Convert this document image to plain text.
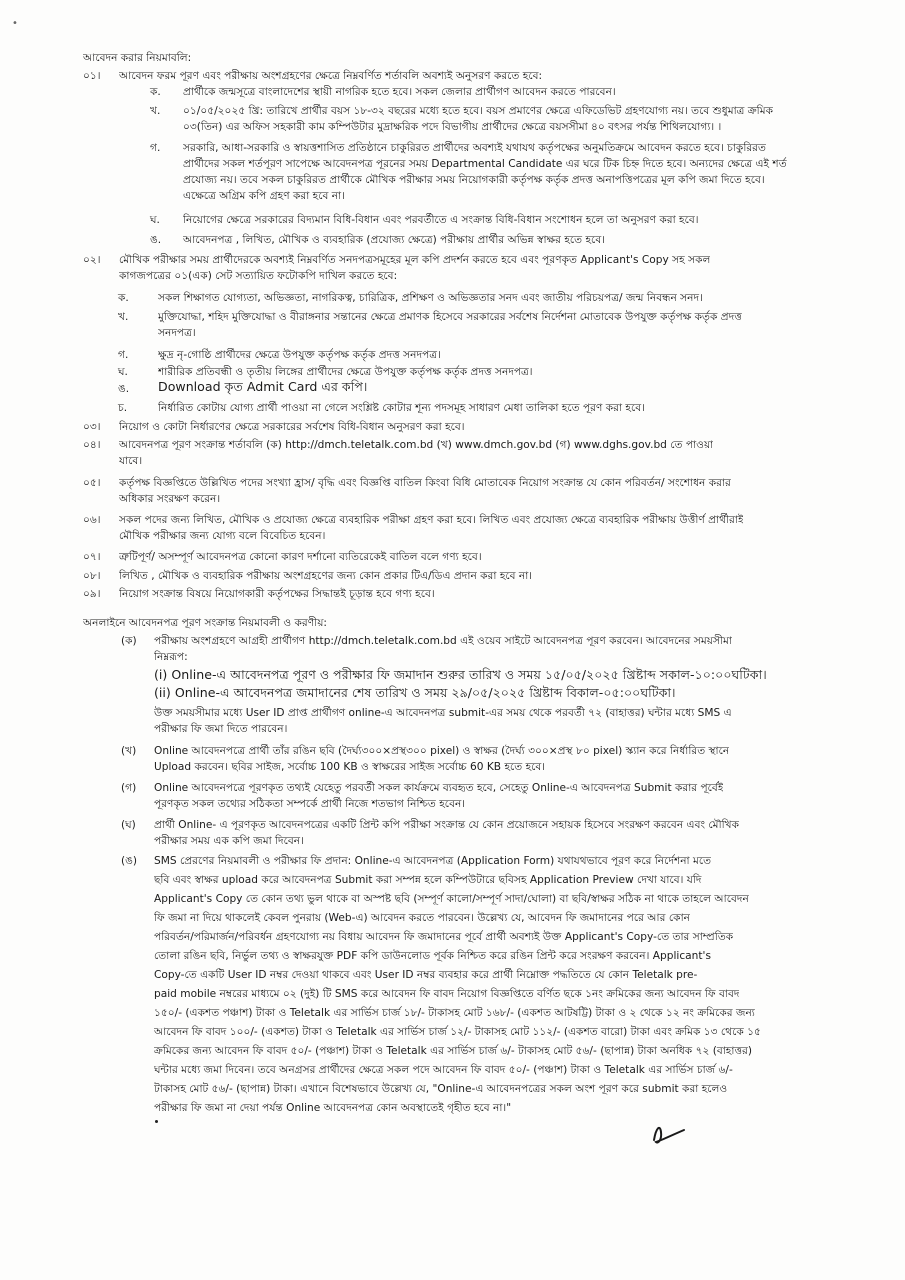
•
আবেদন করার নিয়মাবলি:
০১।	আবেদন ফরম পূরণ এবং পরীক্ষায় অংশগ্রহণের ক্ষেত্রে নিম্নবর্ণিত শর্তাবলি অবশ্যই অনুসরণ করতে হবে:
ক.	প্রার্থীকে জন্মসূত্রে বাংলাদেশের স্থায়ী নাগরিক হতে হবে। সকল জেলার প্রার্থীগণ আবেদন করতে পারবেন।
খ.	০১/০৫/২০২৫ খ্রি: তারিখে প্রার্থীর বয়স ১৮-৩২ বছরের মধ্যে হতে হবে। বয়স প্রমাণের ক্ষেত্রে এফিডেভিট গ্রহণযোগ্য নয়। তবে শুধুমাত্র ক্রমিক
০৩(তিন) এর অফিস সহকারী কাম কম্পিউটার মুদ্রাক্ষরিক পদে বিভাগীয় প্রার্থীদের ক্ষেত্রে বয়সসীমা ৪০ বৎসর পর্যন্ত শিথিলযোগ্য। ।
গ.	সরকারি, আধা-সরকারি ও স্বায়ত্তশাসিত প্রতিষ্ঠানে চাকুরিরত প্রার্থীদের অবশ্যই যথাযথ কর্তৃপক্ষের অনুমতিক্রমে আবেদন করতে হবে। চাকুরিরত
প্রার্থীদের সকল শর্তপূরণ সাপেক্ষে আবেদনপত্র পূরনের সময় Departmental Candidate এর ঘরে টিক চিহ্ন দিতে হবে। অন্যদের ক্ষেত্রে এই শর্ত
প্রযোজ্য নয়। তবে সকল চাকুরিরত প্রার্থীকে মৌখিক পরীক্ষার সময় নিয়োগকারী কর্তৃপক্ষ কর্তৃক প্রদত্ত অনাপত্তিপত্রের মূল কপি জমা দিতে হবে।
এক্ষেত্রে অগ্রিম কপি গ্রহণ করা হবে না।
ঘ.	নিয়োগের ক্ষেত্রে সরকারের বিদ্যমান বিধি-বিধান এবং পরবর্তীতে এ সংক্রান্ত বিধি-বিধান সংশোধন হলে তা অনুসরণ করা হবে।
ঙ.	আবেদনপত্র , লিখিত, মৌখিক ও ব্যবহারিক (প্রযোজ্য ক্ষেত্রে) পরীক্ষায় প্রার্থীর অভিন্ন স্বাক্ষর হতে হবে।
০২।	মৌখিক পরীক্ষার সময় প্রার্থীদেরকে অবশ্যই নিম্নবর্ণিত সনদপত্রসমূহের মূল কপি প্রদর্শন করতে হবে এবং পূরণকৃত Applicant's Copy সহ সকল
কাগজপত্রের ০১(এক) সেট সত্যায়িত ফটোকপি দাখিল করতে হবে:
ক.	সকল শিক্ষাগত যোগ্যতা, অভিজ্ঞতা, নাগরিকত্ব, চারিত্রিক, প্রশিক্ষণ ও অভিজ্ঞতার সনদ এবং জাতীয় পরিচয়পত্র/ জন্ম নিবন্ধন সনদ।
খ.	মুক্তিযোদ্ধা, শহিদ মুক্তিযোদ্ধা ও বীরাঙ্গনার সন্তানের ক্ষেত্রে প্রমাণক হিসেবে সরকারের সর্বশেষ নির্দেশনা মোতাবেক উপযুক্ত কর্তৃপক্ষ কর্তৃক প্রদত্ত
সনদপত্র।
গ.	ক্ষুদ্র নৃ-গোষ্ঠি প্রার্থীদের ক্ষেত্রে উপযুক্ত কর্তৃপক্ষ কর্তৃক প্রদত্ত সনদপত্র।
ঘ.	শারীরিক প্রতিবন্ধী ও তৃতীয় লিঙ্গের প্রার্থীদের ক্ষেত্রে উপযুক্ত কর্তৃপক্ষ কর্তৃক প্রদত্ত সনদপত্র।
ঙ.	Download কৃত Admit Card এর কপি।
চ.	নির্ধারিত কোটায় যোগ্য প্রার্থী পাওয়া না গেলে সংশ্লিষ্ট কোটার শূন্য পদসমূহ সাধারণ মেধা তালিকা হতে পূরণ করা হবে।
০৩।	নিয়োগ ও কোটা নির্ধারণের ক্ষেত্রে সরকারের সর্বশেষ বিধি-বিধান অনুসরণ করা হবে।
০৪।	আবেদনপত্র পূরণ সংক্রান্ত শর্তাবলি (ক) http://dmch.teletalk.com.bd (খ) www.dmch.gov.bd (গ) www.dghs.gov.bd তে পাওয়া
যাবে।
০৫।	কর্তৃপক্ষ বিজ্ঞপ্তিতে উল্লিখিত পদের সংখ্যা হ্রাস/ বৃদ্ধি এবং বিজ্ঞপ্তি বাতিল কিংবা বিধি মোতাবেক নিয়োগ সংক্রান্ত যে কোন পরিবর্তন/ সংশোধন করার
অধিকার সংরক্ষণ করেন।
০৬।	সকল পদের জন্য লিখিত, মৌখিক ও প্রযোজ্য ক্ষেত্রে ব্যবহারিক পরীক্ষা গ্রহণ করা হবে। লিখিত এবং প্রযোজ্য ক্ষেত্রে ব্যবহারিক পরীক্ষায় উত্তীর্ণ প্রার্থীরাই
মৌখিক পরীক্ষার জন্য যোগ্য বলে বিবেচিত হবেন।
০৭।	ত্রুটিপূর্ণ/ অসম্পূর্ণ আবেদনপত্র কোনো কারণ দর্শানো ব্যতিরেকেই বাতিল বলে গণ্য হবে।
০৮।	লিখিত , মৌখিক ও ব্যবহারিক পরীক্ষায় অংশগ্রহণের জন্য কোন প্রকার টিএ/ডিএ প্রদান করা হবে না।
০৯।	নিয়োগ সংক্রান্ত বিষয়ে নিয়োগকারী কর্তৃপক্ষের সিদ্ধান্তই চূড়ান্ত হবে গণ্য হবে।
অনলাইনে আবেদনপত্র পূরণ সংক্রান্ত নিয়মাবলী ও করণীয়:
(ক)	পরীক্ষায় অংশগ্রহণে আগ্রহী প্রার্থীগণ http://dmch.teletalk.com.bd এই ওয়েব সাইটে আবেদনপত্র পূরণ করবেন। আবেদনের সময়সীমা
নিম্নরূপ:
(i) Online-এ আবেদনপত্র পূরণ ও পরীক্ষার ফি জমাদান শুরুর তারিখ ও সময় ১৫/০৫/২০২৫ খ্রিষ্টাব্দ সকাল-১০:০০ঘটিকা।
(ii) Online-এ আবেদনপত্র জমাদানের শেষ তারিখ ও সময় ২৯/০৫/২০২৫ খ্রিষ্টাব্দ বিকাল-০৫:০০ঘটিকা।
উক্ত সময়সীমার মধ্যে User ID প্রাপ্ত প্রার্থীগণ online-এ আবেদনপত্র submit-এর সময় থেকে পরবর্তী ৭২ (বাহাত্তর) ঘন্টার মধ্যে SMS এ
পরীক্ষার ফি জমা দিতে পারবেন।
(খ)	Online আবেদনপত্রে প্রার্থী তাঁর রঙিন ছবি (দৈর্ঘ্য৩০০×প্রস্থ৩০০ pixel) ও স্বাক্ষর (দৈর্ঘ্য ৩০০×প্রস্থ ৮০ pixel) স্ক্যান করে নির্ধারিত স্থানে
Upload করবেন। ছবির সাইজ, সর্বোচ্চ 100 KB ও স্বাক্ষরের সাইজ সর্বোচ্চ 60 KB হতে হবে।
(গ)	Online আবেদনপত্রে পূরণকৃত তথ্যই যেহেতু পরবর্তী সকল কার্যক্রমে ব্যবহৃত হবে, সেহেতু Online-এ আবেদনপত্র Submit করার পূর্বেই
পূরণকৃত সকল তথ্যের সঠিকতা সম্পর্কে প্রার্থী নিজে শতভাগ নিশ্চিত হবেন।
(ঘ)	প্রার্থী Online- এ পূরণকৃত আবেদনপত্রের একটি প্রিন্ট কপি পরীক্ষা সংক্রান্ত যে কোন প্রয়োজনে সহায়ক হিসেবে সংরক্ষণ করবেন এবং মৌখিক
পরীক্ষার সময় এক কপি জমা দিবেন।
(ঙ)	SMS প্রেরণের নিয়মাবলী ও পরীক্ষার ফি প্রদান: Online-এ আবেদনপত্র (Application Form) যথাযথভাবে পূরণ করে নির্দেশনা মতে
ছবি এবং স্বাক্ষর upload করে আবেদনপত্র Submit করা সম্পন্ন হলে কম্পিউটারে ছবিসহ Application Preview দেখা যাবে। যদি
Applicant's Copy তে কোন তথ্য ভুল থাকে বা অস্পষ্ট ছবি (সম্পূর্ণ কালো/সম্পূর্ণ সাদা/ঘোলা) বা ছবি/স্বাক্ষর সঠিক না থাকে তাহলে আবেদন
ফি জমা না দিয়ে থাকলেই কেবল পুনরায় (Web-এ) আবেদন করতে পারবেন। উল্লেখ্য যে, আবেদন ফি জমাদানের পরে আর কোন
পরিবর্তন/পরিমার্জন/পরিবর্ধন গ্রহণযোগ্য নয় বিধায় আবেদন ফি জমাদানের পূর্বে প্রার্থী অবশ্যই উক্ত Applicant's Copy-তে তার সাম্প্রতিক
তোলা রঙিন ছবি, নির্ভুল তথ্য ও স্বাক্ষরযুক্ত PDF কপি ডাউনলোড পূর্বক নিশ্চিত করে রঙিন প্রিন্ট করে সংরক্ষণ করবেন। Applicant's
Copy-তে একটি User ID নম্বর দেওয়া থাকবে এবং User ID নম্বর ব্যবহার করে প্রার্থী নিম্নোক্ত পদ্ধতিতে যে কোন Teletalk pre-
paid mobile নম্বরের মাধ্যমে ০২ (দুই) টি SMS করে আবেদন ফি বাবদ নিয়োগ বিজ্ঞপ্তিতে বর্ণিত ছকে ১নং ক্রমিকের জন্য আবেদন ফি বাবদ
১৫০/- (একশত পঞ্চাশ) টাকা ও Teletalk এর সার্ভিস চার্জ ১৮/- টাকাসহ মোট ১৬৮/- (একশত আটষট্টি) টাকা ও ২ থেকে ১২ নং ক্রমিকের জন্য
আবেদন ফি বাবদ ১০০/- (একশত) টাকা ও Teletalk এর সার্ভিস চার্জ ১২/- টাকাসহ মোট ১১২/- (একশত বারো) টাকা এবং ক্রমিক ১৩ থেকে ১৫
ক্রমিকের জন্য আবেদন ফি বাবদ ৫০/- (পঞ্চাশ) টাকা ও Teletalk এর সার্ভিস চার্জ ৬/- টাকাসহ মোট ৫৬/- (ছাপান্ন) টাকা অনধিক ৭২ (বাহাত্তর)
ঘন্টার মধ্যে জমা দিবেন। তবে অনগ্রসর প্রার্থীদের ক্ষেত্রে সকল পদে আবেদন ফি বাবদ ৫০/- (পঞ্চাশ) টাকা ও Teletalk এর সার্ভিস চার্জ ৬/-
টাকাসহ মোট ৫৬/- (ছাপান্ন) টাকা। এখানে বিশেষভাবে উল্লেখ্য যে, "Online-এ আবেদনপত্রের সকল অংশ পূরণ করে submit করা হলেও
পরীক্ষার ফি জমা না দেয়া পর্যন্ত Online আবেদনপত্র কোন অবস্থাতেই গৃহীত হবে না।"
